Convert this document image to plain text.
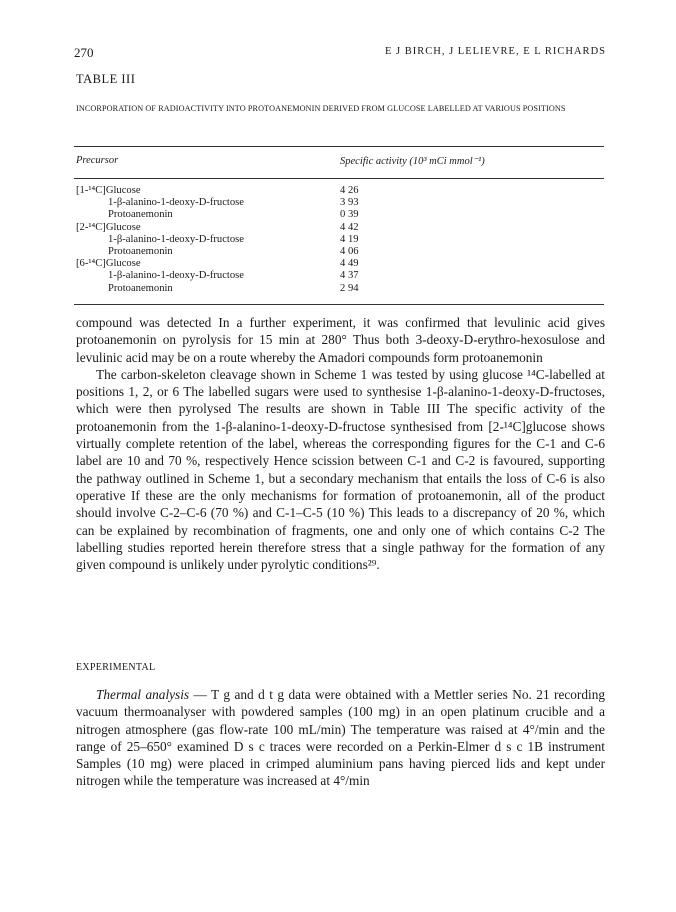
270	E J BIRCH, J LELIEVRE, E L RICHARDS
TABLE III
INCORPORATION OF RADIOACTIVITY INTO PROTOANEMONIN DERIVED FROM GLUCOSE LABELLED AT VARIOUS POSITIONS
Precursor	Specific activity (10³ mCi mmol⁻¹)
[1-¹⁴C]Glucose	4 26
1-β-alanino-1-deoxy-D-fructose	3 93
Protoanemonin	0 39
[2-¹⁴C]Glucose	4 42
1-β-alanino-1-deoxy-D-fructose	4 19
Protoanemonin	4 06
[6-¹⁴C]Glucose	4 49
1-β-alanino-1-deoxy-D-fructose	4 37
Protoanemonin	2 94

compound was detected In a further experiment, it was confirmed that levulinic acid gives protoanemonin on pyrolysis for 15 min at 280° Thus both 3-deoxy-D-erythro-hexosulose and levulinic acid may be on a route whereby the Amadori compounds form protoanemonin

The carbon-skeleton cleavage shown in Scheme 1 was tested by using glucose ¹⁴C-labelled at positions 1, 2, or 6 The labelled sugars were used to synthesise 1-β-alanino-1-deoxy-D-fructoses, which were then pyrolysed The results are shown in Table III The specific activity of the protoanemonin from the 1-β-alanino-1-deoxy-D-fructose synthesised from [2-¹⁴C]glucose shows virtually complete retention of the label, whereas the corresponding figures for the C-1 and C-6 label are 10 and 70 %, respectively Hence scission between C-1 and C-2 is favoured, supporting the pathway outlined in Scheme 1, but a secondary mechanism that entails the loss of C-6 is also operative If these are the only mechanisms for formation of protoanemonin, all of the product should involve C-2–C-6 (70 %) and C-1–C-5 (10 %) This leads to a discrepancy of 20 %, which can be explained by recombination of fragments, one and only one of which contains C-2 The labelling studies reported herein therefore stress that a single pathway for the formation of any given compound is unlikely under pyrolytic conditions²⁹.

EXPERIMENTAL

Thermal analysis — T g and d t g data were obtained with a Mettler series No. 21 recording vacuum thermoanalyser with powdered samples (100 mg) in an open platinum crucible and a nitrogen atmosphere (gas flow-rate 100 mL/min) The temperature was raised at 4°/min and the range of 25–650° examined D s c traces were recorded on a Perkin-Elmer d s c 1B instrument Samples (10 mg) were placed in crimped aluminium pans having pierced lids and kept under nitrogen while the temperature was increased at 4°/min
